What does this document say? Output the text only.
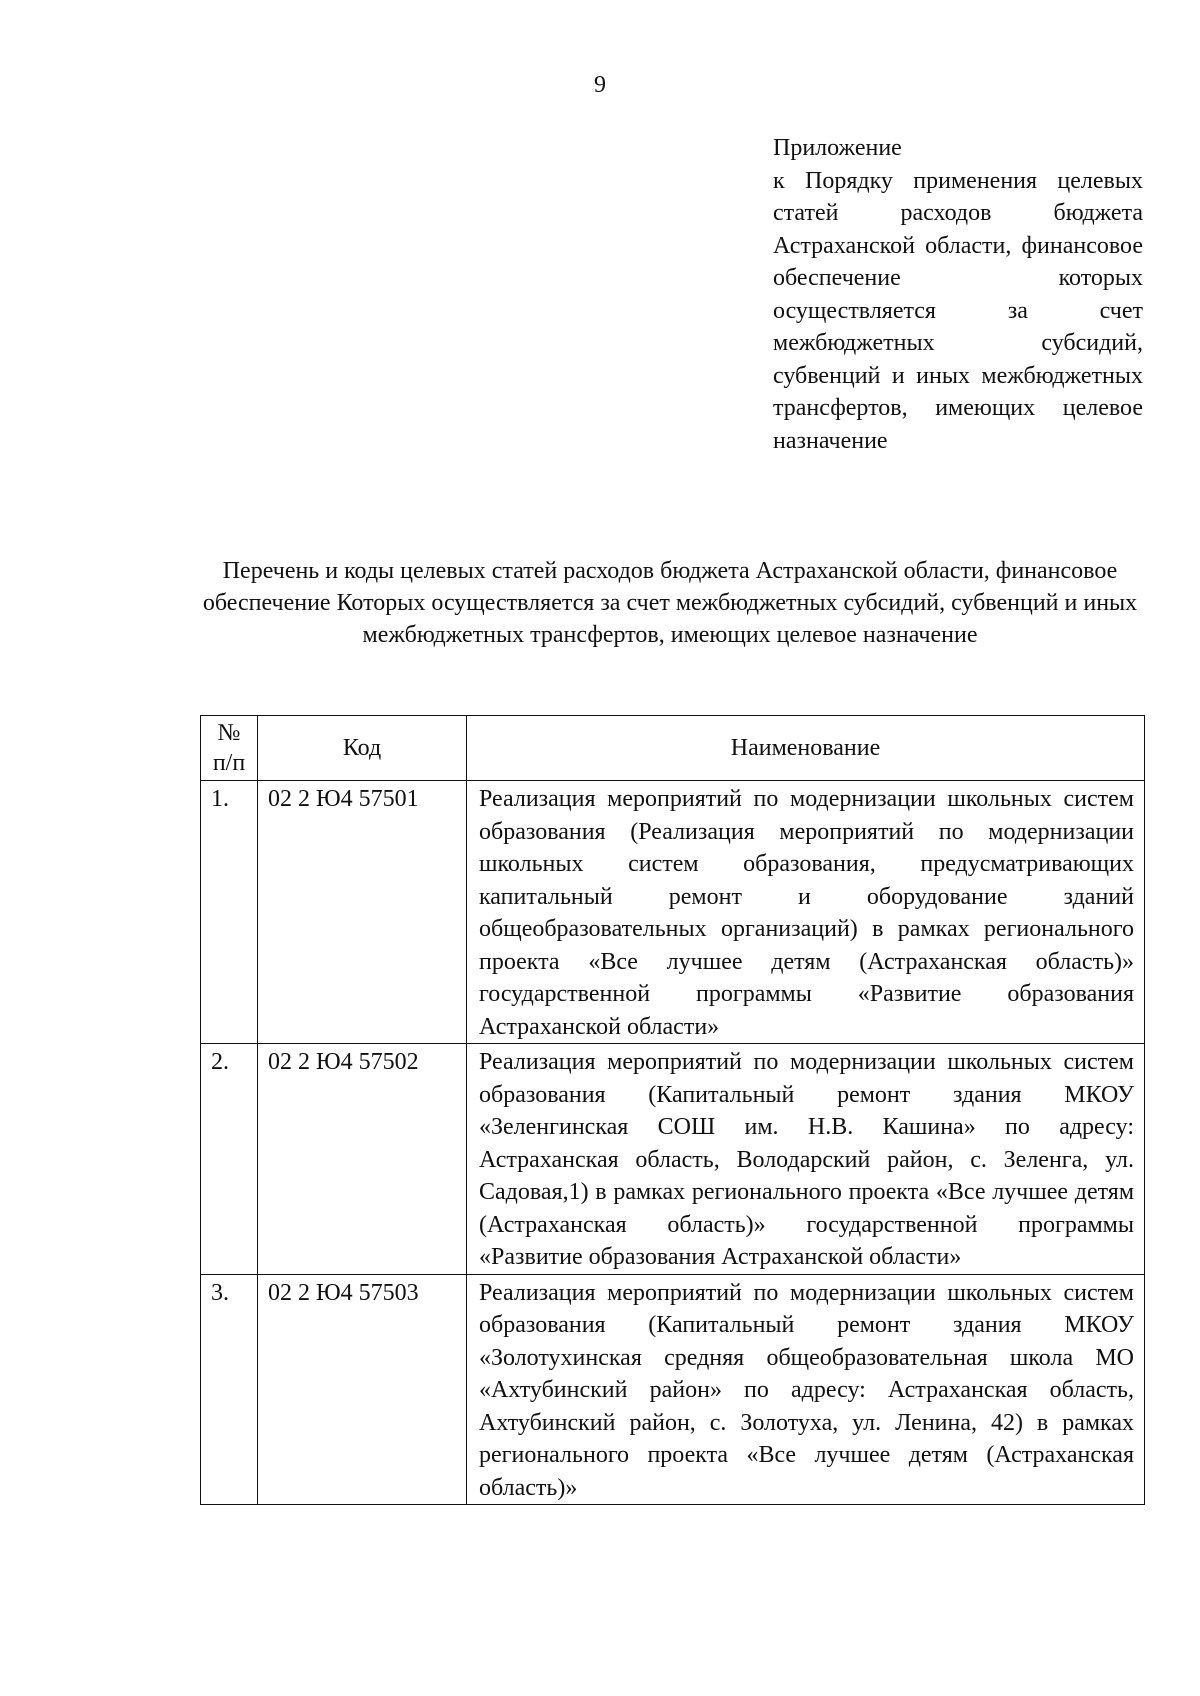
9
Приложение
к Порядку применения целевых статей расходов бюджета Астраханской области, финансовое обеспечение которых осуществляется за счет межбюджетных субсидий, субвенций и иных межбюджетных трансфертов, имеющих целевое назначение
Перечень и коды целевых статей расходов бюджета Астраханской области, финансовое обеспечение Которых осуществляется за счет межбюджетных субсидий, субвенций и иных межбюджетных трансфертов, имеющих целевое назначение
№
п/п	Код	Наименование
1.	02 2 Ю4 57501	Реализация мероприятий по модернизации школьных систем образования (Реализация мероприятий по модернизации школьных систем образования, предусматривающих капитальный ремонт и оборудование зданий общеобразовательных организаций) в рамках регионального проекта «Все лучшее детям (Астраханская область)» государственной программы «Развитие образования Астраханской области»
2.	02 2 Ю4 57502	Реализация мероприятий по модернизации школьных систем образования (Капитальный ремонт здания МКОУ «Зеленгинская СОШ им. Н.В. Кашина» по адресу: Астраханская область, Володарский район, с. Зеленга, ул. Садовая,1) в рамках регионального проекта «Все лучшее детям (Астраханская область)» государственной программы «Развитие образования Астраханской области»
3.	02 2 Ю4 57503	Реализация мероприятий по модернизации школьных систем образования (Капитальный ремонт здания МКОУ «Золотухинская средняя общеобразовательная школа МО «Ахтубинский район» по адресу: Астраханская область, Ахтубинский район, с. Золотуха, ул. Ленина, 42) в рамках регионального проекта «Все лучшее детям (Астраханская область)»
